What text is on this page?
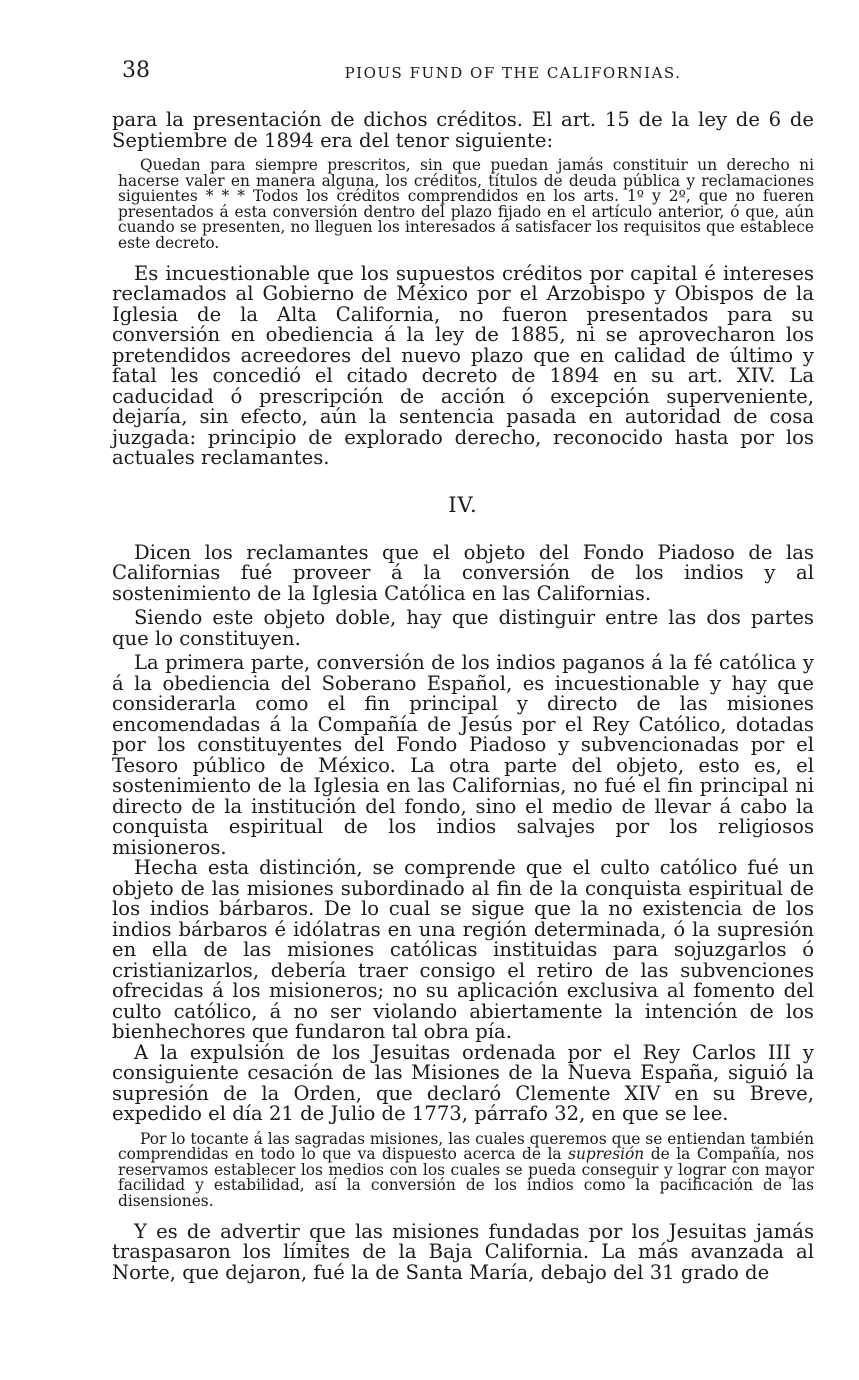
38	PIOUS FUND OF THE CALIFORNIAS.

para la presentación de dichos créditos. El art. 15 de la ley de 6 de Septiembre de 1894 era del tenor siguiente:

Quedan para siempre prescritos, sin que puedan jamás constituir un derecho ni hacerse valer en manera alguna, los créditos, títulos de deuda pública y reclamaciones siguientes * * * Todos los créditos comprendidos en los arts. 1º y 2º, que no fueren presentados á esta conversión dentro del plazo fijado en el artículo anterior, ó que, aún cuando se presenten, no lleguen los interesados á satisfacer los requisitos que establece este decreto.

Es incuestionable que los supuestos créditos por capital é intereses reclamados al Gobierno de México por el Arzobispo y Obispos de la Iglesia de la Alta California, no fueron presentados para su conversión en obediencia á la ley de 1885, ni se aprovecharon los pretendidos acreedores del nuevo plazo que en calidad de último y fatal les concedió el citado decreto de 1894 en su art. XIV. La caducidad ó prescripción de acción ó excepción superveniente, dejaría, sin efecto, aún la sentencia pasada en autoridad de cosa juzgada: principio de explorado derecho, reconocido hasta por los actuales reclamantes.

IV.

Dicen los reclamantes que el objeto del Fondo Piadoso de las Californias fué proveer á la conversión de los indios y al sostenimiento de la Iglesia Católica en las Californias.

Siendo este objeto doble, hay que distinguir entre las dos partes que lo constituyen.

La primera parte, conversión de los indios paganos á la fé católica y á la obediencia del Soberano Español, es incuestionable y hay que considerarla como el fin principal y directo de las misiones encomendadas á la Compañía de Jesús por el Rey Católico, dotadas por los constituyentes del Fondo Piadoso y subvencionadas por el Tesoro público de México. La otra parte del objeto, esto es, el sostenimiento de la Iglesia en las Californias, no fué el fin principal ni directo de la institución del fondo, sino el medio de llevar á cabo la conquista espiritual de los indios salvajes por los religiosos misioneros.

Hecha esta distinción, se comprende que el culto católico fué un objeto de las misiones subordinado al fin de la conquista espiritual de los indios bárbaros. De lo cual se sigue que la no existencia de los indios bárbaros é idólatras en una región determinada, ó la supresión en ella de las misiones católicas instituidas para sojuzgarlos ó cristianizarlos, debería traer consigo el retiro de las subvenciones ofrecidas á los misioneros; no su aplicación exclusiva al fomento del culto católico, á no ser violando abiertamente la intención de los bienhechores que fundaron tal obra pía.

A la expulsión de los Jesuitas ordenada por el Rey Carlos III y consiguiente cesación de las Misiones de la Nueva España, siguió la supresión de la Orden, que declaró Clemente XIV en su Breve, expedido el día 21 de Julio de 1773, párrafo 32, en que se lee.

Por lo tocante á las sagradas misiones, las cuales queremos que se entiendan también comprendidas en todo lo que va dispuesto acerca de la supresión de la Compañía, nos reservamos establecer los medios con los cuales se pueda conseguir y lograr con mayor facilidad y estabilidad, así la conversión de los indios como la pacificación de las disensiones.

Y es de advertir que las misiones fundadas por los Jesuitas jamás traspasaron los límites de la Baja California. La más avanzada al Norte, que dejaron, fué la de Santa María, debajo del 31 grado de
